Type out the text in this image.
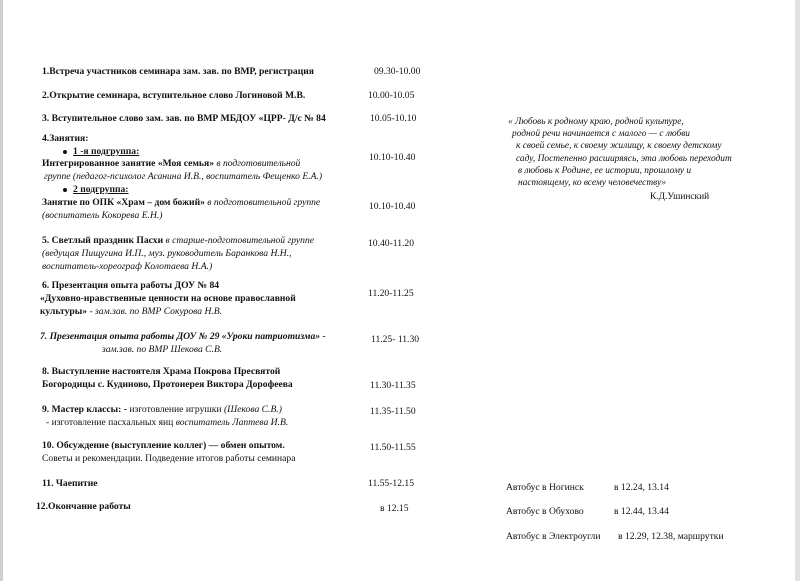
1.Встреча участников семинара зам. зав. по ВМР, регистрация	09.30-10.00
2.Открытие семинара, вступительное слово Логиновой М.В.	10.00-10.05
3. Вступительное слово зам. зав. по ВМР МБДОУ «ЦРР- Д/с № 84	10.05-10.10
4.Занятия:
1 -я подгруппа:
Интегрированное занятие «Моя семья» в подготовительной
группе (педагог-психолог Асанина И.В., воспитатель Фещенко Е.А.)
10.10-10.40
2 подгруппа:
Занятие по ОПК «Храм – дом божий» в подготовительной группе
(воспитатель Кокорева Е.Н.)
10.10-10.40
5. Светлый праздник Пасхи в старше-подготовительной группе
(ведущая Пищугина И.П., муз. руководитель Баранкова Н.Н.,
воспитатель-хореограф Колотаева Н.А.)
10.40-11.20
6. Презентация опыта работы ДОУ № 84
«Духовно-нравственные ценности на основе православной
культуры» - зам.зав. по ВМР Сокурова Н.В.
11.20-11.25
7. Презентация опыта работы ДОУ № 29 «Уроки патриотизма» -
зам.зав. по ВМР Шекова С.В.
11.25- 11.30
8. Выступление настоятеля Храма Покрова Пресвятой
Богородицы с. Кудиново, Протоиерея Виктора Дорофеева	11.30-11.35
9. Мастер классы: - изготовление игрушки (Шекова С.В.)
- изготовление пасхальных яиц воспитатель Лаптева И.В.
11.35-11.50
10. Обсуждение (выступление коллег) — обмен опытом.
Советы и рекомендации. Подведение итогов работы семинара
11.50-11.55
11. Чаепитие	11.55-12.15
12.Окончание работы	в 12.15
« Любовь к родному краю, родной культуре,
родной речи начинается с малого — с любви
к своей семье, к своему жилищу, к своему детскому
саду, Постепенно расширяясь, эта любовь переходит
в любовь к Родине, ее истории, прошлому и
настоящему, ко всему человечеству»
К.Д.Ушинский
Автобус в Ногинск	в 12.24, 13.14
Автобус в Обухово	в 12.44, 13.44
Автобус в Электроугли в 12.29, 12.38, маршрутки
